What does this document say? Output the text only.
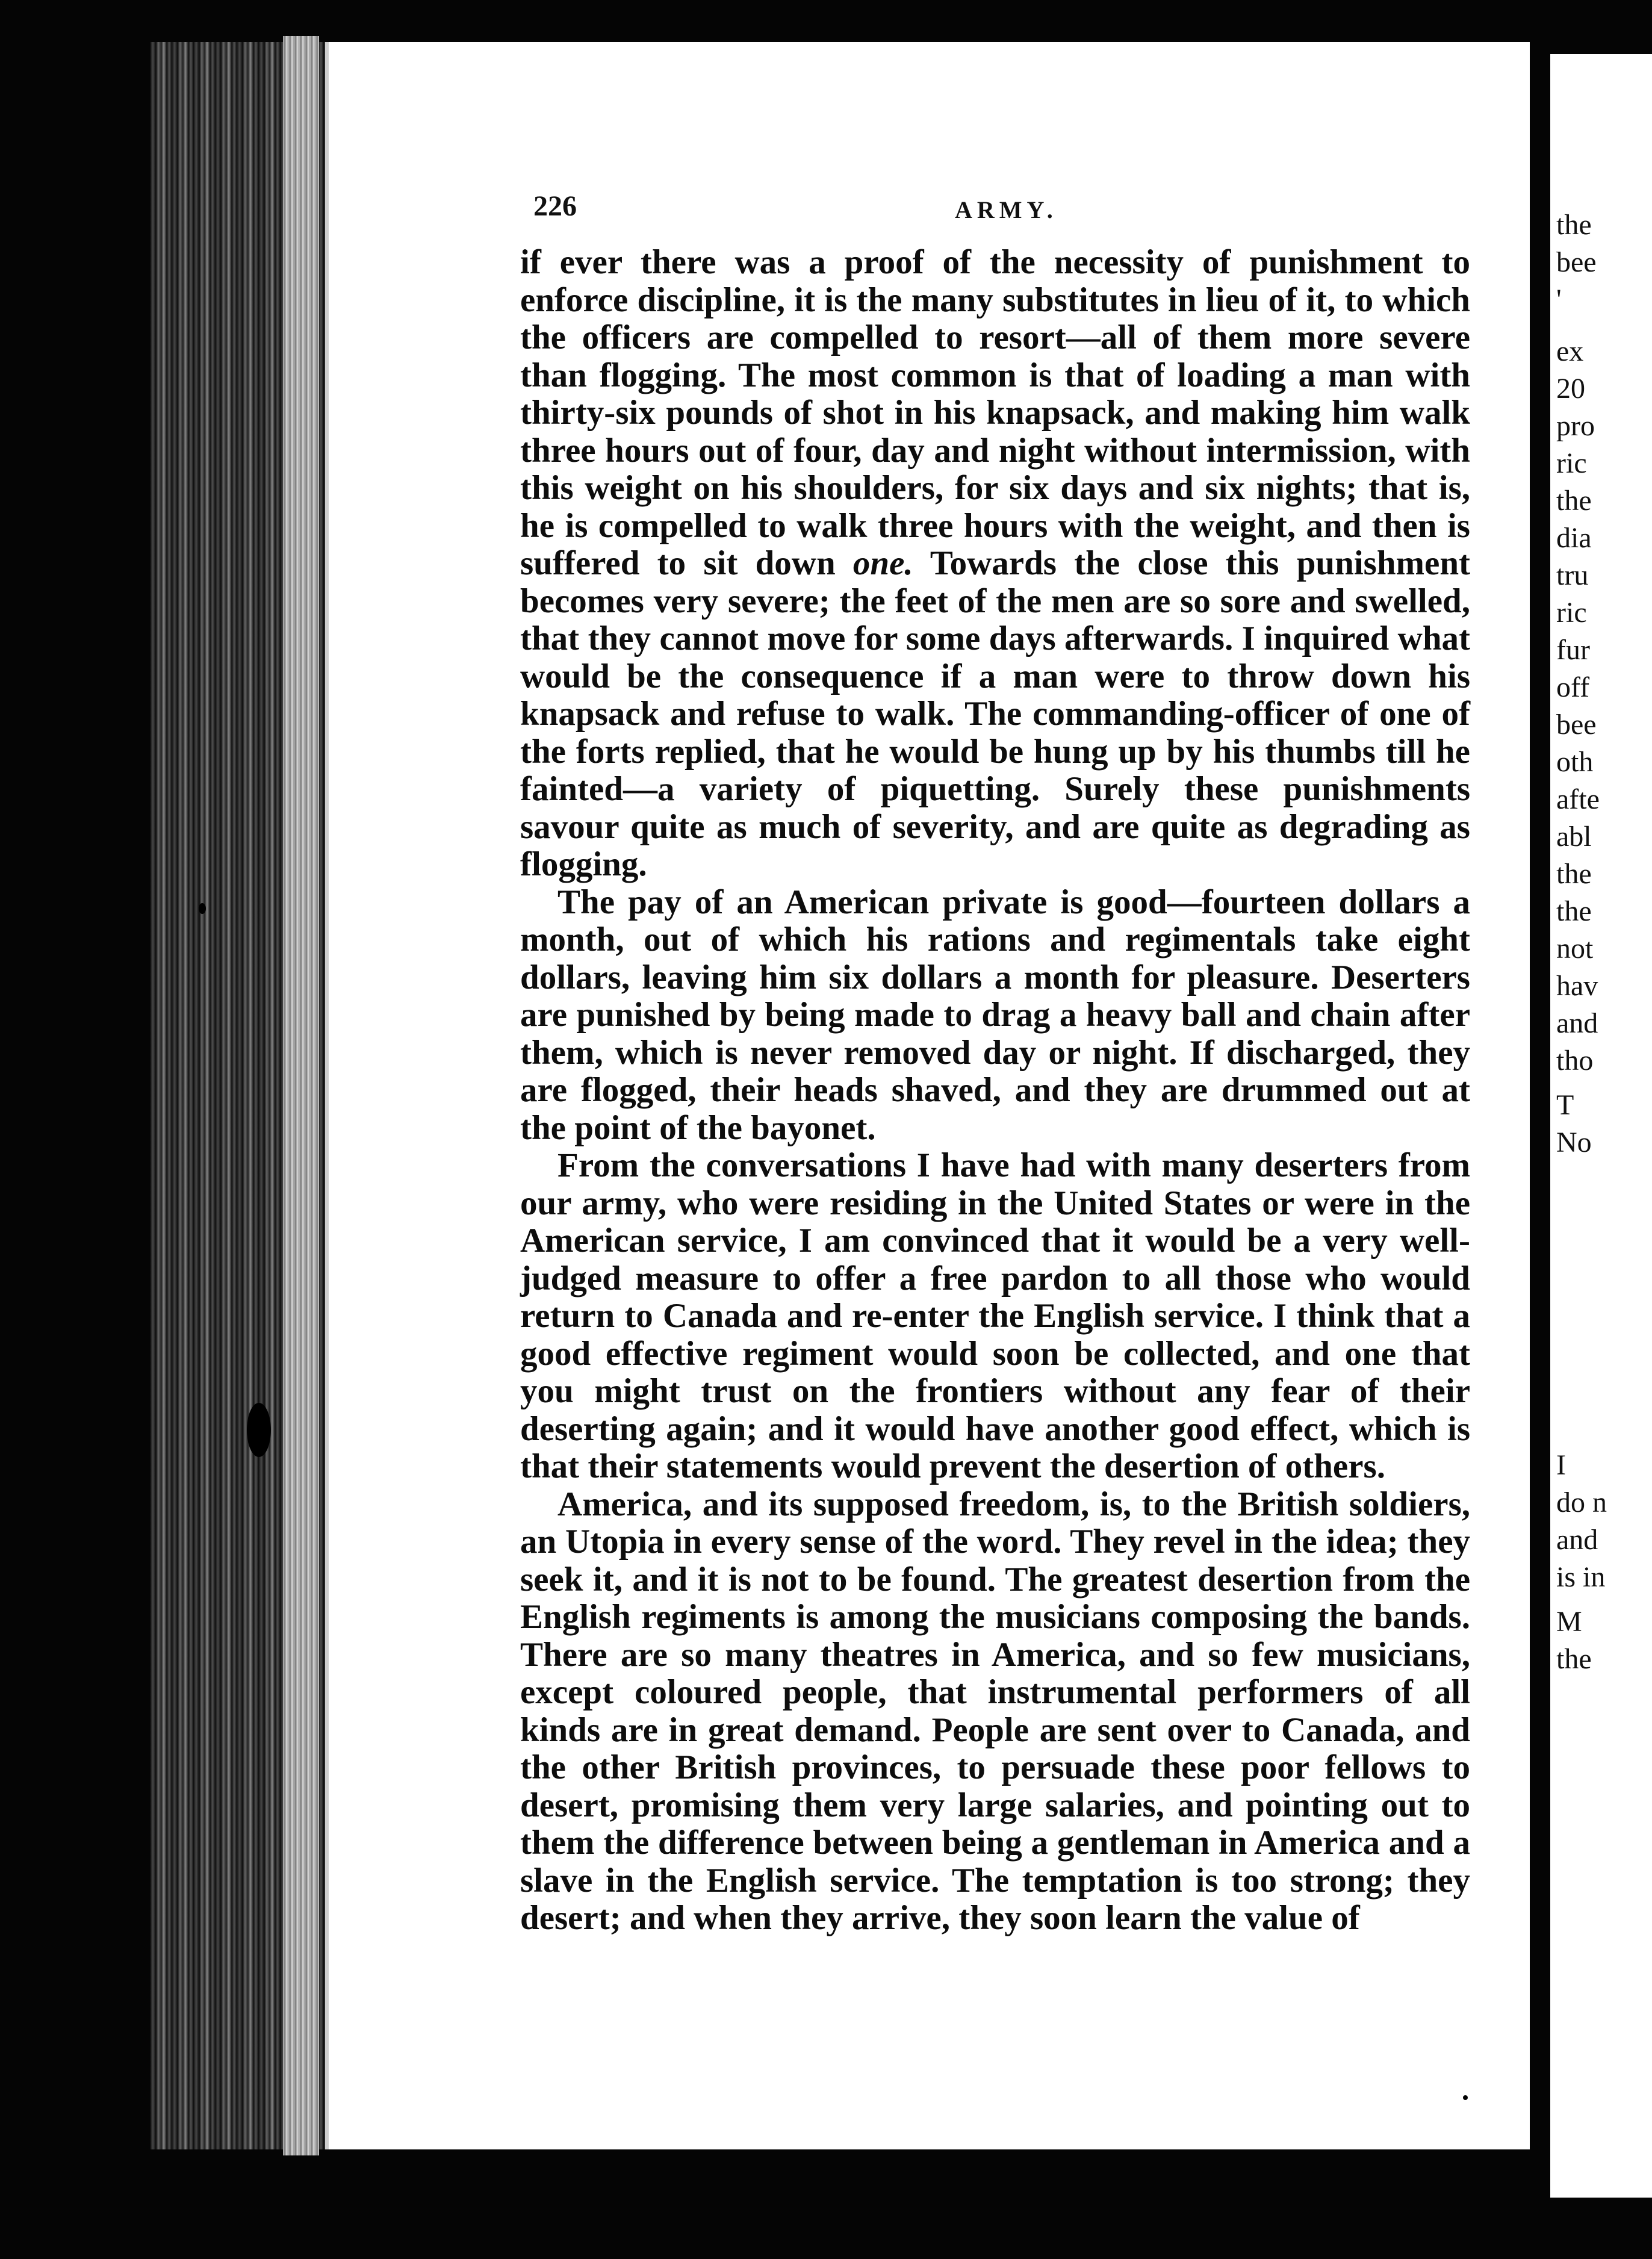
226	ARMY.

if ever there was a proof of the necessity of punishment to enforce discipline, it is the many substitutes in lieu of it, to which the officers are compelled to resort—all of them more severe than flogging. The most common is that of loading a man with thirty-six pounds of shot in his knapsack, and making him walk three hours out of four, day and night without intermission, with this weight on his shoulders, for six days and six nights; that is, he is compelled to walk three hours with the weight, and then is suffered to sit down one. Towards the close this punishment becomes very severe; the feet of the men are so sore and swelled, that they cannot move for some days afterwards. I inquired what would be the consequence if a man were to throw down his knapsack and refuse to walk. The commanding-officer of one of the forts replied, that he would be hung up by his thumbs till he fainted—a variety of piquetting. Surely these punishments savour quite as much of severity, and are quite as degrading as flogging.

The pay of an American private is good—fourteen dollars a month, out of which his rations and regimentals take eight dollars, leaving him six dollars a month for pleasure. Deserters are punished by being made to drag a heavy ball and chain after them, which is never removed day or night. If discharged, they are flogged, their heads shaved, and they are drummed out at the point of the bayonet.

From the conversations I have had with many deserters from our army, who were residing in the United States or were in the American service, I am convinced that it would be a very well-judged measure to offer a free pardon to all those who would return to Canada and re-enter the English service. I think that a good effective regiment would soon be collected, and one that you might trust on the frontiers without any fear of their deserting again; and it would have another good effect, which is that their statements would prevent the desertion of others.

America, and its supposed freedom, is, to the British soldiers, an Utopia in every sense of the word. They revel in the idea; they seek it, and it is not to be found. The greatest desertion from the English regiments is among the musicians composing the bands. There are so many theatres in America, and so few musicians, except coloured people, that instrumental performers of all kinds are in great demand. People are sent over to Canada, and the other British provinces, to persuade these poor fellows to desert, promising them very large salaries, and pointing out to them the difference between being a gentleman in America and a slave in the English service. The temptation is too strong; they desert; and when they arrive, they soon learn the value of

the
bee
'
ex
20
pro
ric
the
dia
tru
ric
fur
off
bee
oth
afte
abl
the
the
not
hav
and
tho
T
No
I
do n
and
is in
M
the
